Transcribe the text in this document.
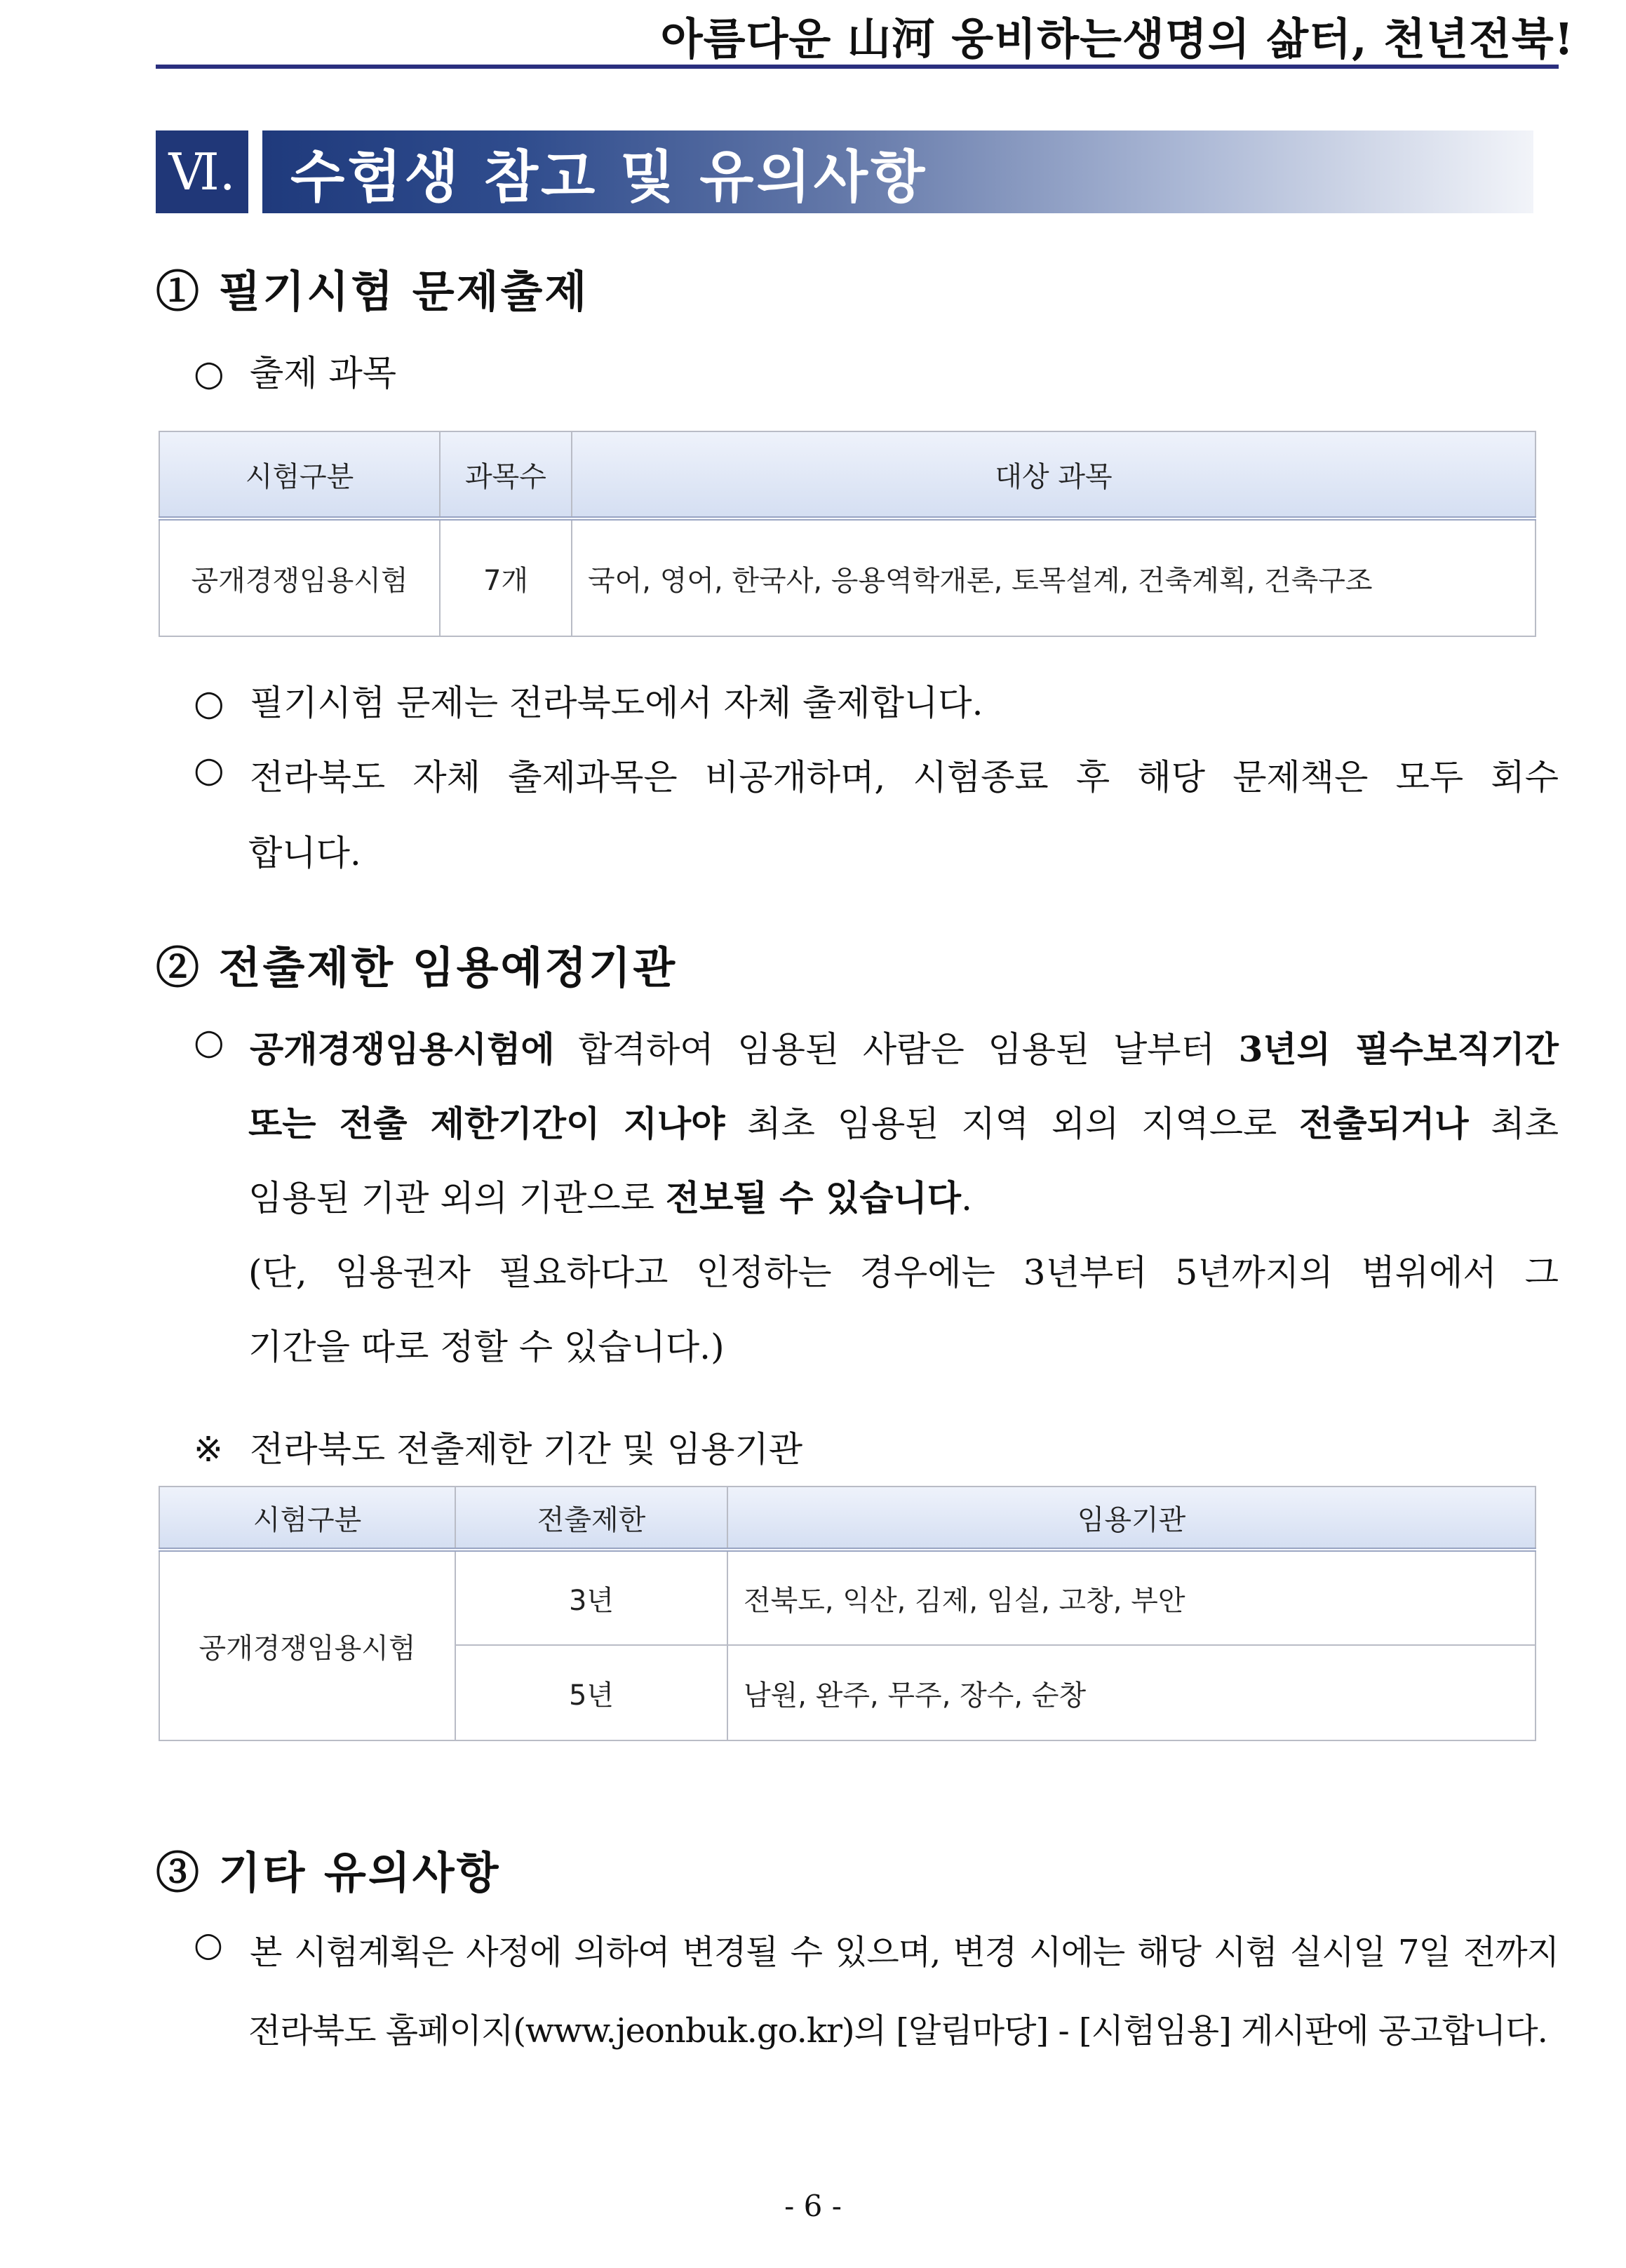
아름다운 山河 웅비하는생명의 삶터, 천년전북!
Ⅵ. 수험생 참고 및 유의사항
① 필기시험 문제출제
○ 출제 과목
시험구분	과목수	대상 과목
공개경쟁임용시험	7개	국어, 영어, 한국사, 응용역학개론, 토목설계, 건축계획, 건축구조
○ 필기시험 문제는 전라북도에서 자체 출제합니다.
○ 전라북도 자체 출제과목은 비공개하며, 시험종료 후 해당 문제책은 모두 회수
합니다.
② 전출제한 임용예정기관
○ 공개경쟁임용시험에 합격하여 임용된 사람은 임용된 날부터 3년의 필수보직기간
또는 전출 제한기간이 지나야 최초 임용된 지역 외의 지역으로 전출되거나 최초
임용된 기관 외의 기관으로 전보될 수 있습니다.
(단, 임용권자 필요하다고 인정하는 경우에는 3년부터 5년까지의 범위에서 그
기간을 따로 정할 수 있습니다.)
※ 전라북도 전출제한 기간 및 임용기관
시험구분	전출제한	임용기관
공개경쟁임용시험	3년	전북도, 익산, 김제, 임실, 고창, 부안
	5년	남원, 완주, 무주, 장수, 순창
③ 기타 유의사항
○ 본 시험계획은 사정에 의하여 변경될 수 있으며, 변경 시에는 해당 시험 실시일 7일 전까지
전라북도 홈페이지(www.jeonbuk.go.kr)의 [알림마당] - [시험임용] 게시판에 공고합니다.
- 6 -
